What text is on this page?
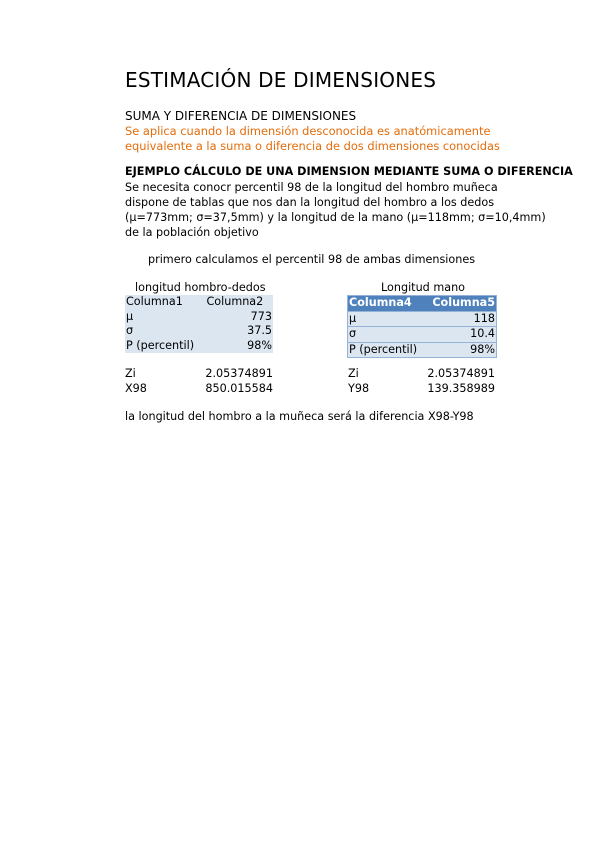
ESTIMACIÓN DE DIMENSIONES
SUMA Y DIFERENCIA DE DIMENSIONES
Se aplica cuando la dimensión desconocida es anatómicamente
equivalente a la suma o diferencia de dos dimensiones conocidas
EJEMPLO CÁLCULO DE UNA DIMENSION MEDIANTE SUMA O DIFERENCIA
Se necesita conocr percentil 98 de la longitud del hombro muñeca
dispone de tablas que nos dan la longitud del hombro a los dedos
(μ=773mm; σ=37,5mm) y la longitud de la mano (μ=118mm; σ=10,4mm)
de la población objetivo
primero calculamos el percentil 98 de ambas dimensiones
longitud hombro-dedos	Longitud mano
Columna1	Columna2
μ	773
σ	37.5
P (percentil)	98%
Columna4	Columna5
μ	118
σ	10.4
P (percentil)	98%
Zi	2.05374891
X98	850.015584
Zi	2.05374891
Y98	139.358989
la longitud del hombro a la muñeca será la diferencia X98-Y98
